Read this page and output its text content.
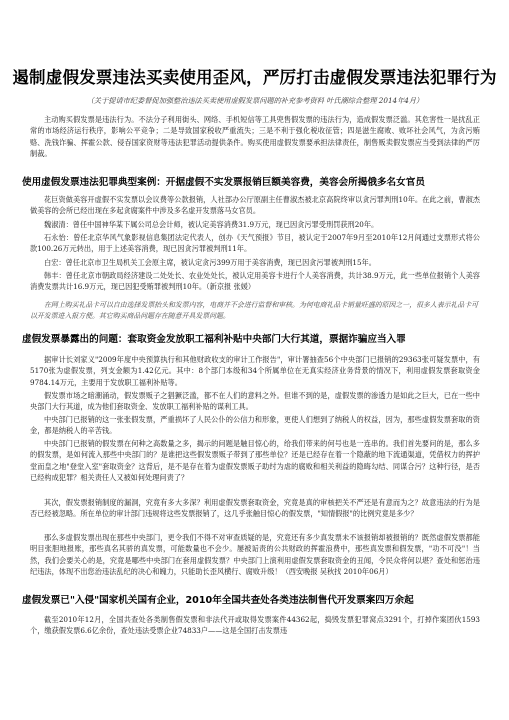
遏制虚假发票违法买卖使用歪风，严厉打击虚假发票违法犯罪行为
（关于提请市纪委督促加强整治违法买卖使用虚假发票问题的补充参考资料 叶氏潮综合整理 2014年4月）

主动购买假发票是违法行为。不法分子利用街头、网络、手机短信等工具兜售假发票的违法行为，造成假发票泛滥。其危害性一是扰乱正常的市场经济运行秩序，影响公平竞争；二是导致国家税收严重流失；三是不利于强化税收征管；四是滋生腐败、败坏社会风气，为贪污贿赂、洗钱诈骗、挥霍公款、侵吞国家资财等违法犯罪活动提供条件。购买使用虚假发票要承担法律责任，制售贩卖假发票应当受到法律的严厉制裁。

使用虚假发票违法犯罪典型案例：开据虚假不实发票报销巨额美容费，美容会所揭俄多名女官员

花巨资做美容开虚假不实发票以会议费等公款报销，人社部办公厅原副主任曹淑杰被北京高院终审以贪污罪判刑10年。在此之前，曹淑杰做美容的会所已经出现在多起贪腐案件中涉及多名虚开发票落马女官员。

魏淑清：曾任中国神华某下属公司总会计师，被认定美容消费31.9万元，现已因贪污罪受刑罚获刑20年。

石永怡：曾任北京华风气象影视信息集团法定代表人，创办《天气预报》节目，被认定于2007年9月至2010年12月间通过支票形式将公款100.26万元转出，用于上述美容消费，现已因贪污罪被判刑11年。

白宏：曾任北京市卫生局机关工会原主席，被认定贪污399万用于美容消费，现已因贪污罪被判刑15年。

韩丰：曾任北京市朝政局经济建设二处处长、农业处处长，被认定用美容卡进行个人美容消费，共计38.9万元，此一些单位报销个人美容消费发票共计16.9万元，现已因犯受贿罪被判刑10年。（新京报 张媛）

在网上购买礼品卡可以自由选择发票抬头和发票内容，电商并不会进行监督和审核。为何电商礼品卡销量旺盛的原因之一，很多人表示礼品卡可以开发票进入报方便。其它购买商品问题存在随意开具发票问题。

虚假发票暴露出的问题：套取资金发放职工福利补贴中央部门大行其道，票据诈骗应当入罪

据审计长刘家义"2009年度中央预算执行和其他财政收支的审计工作报告"，审计署抽查56个中央部门已报销的29363张可疑发票中，有5170张为虚假发票，列支金额为1.42亿元。其中：8个部门本级和34个所属单位在无真实经济业务背景的情况下，利用虚假发票套取资金9784.14万元，主要用于发放职工福利补贴等。

假发票市场之暗潮涌动，假发票贩子之猖獗泛滥，都不在人们的意料之外。但谁不到的是，虚假发票的渗透力是如此之巨大，已在一些中央部门大行其道，成为他们套取资金、发放职工福利补贴的谋利工具。

中央部门已报销的这一张张假发票，严重损坏了人民公仆的公信力和形象，更使人们想到了纳税人的权益，因为，那些虚假发票套取的资金，都是纳税人的辛苦钱。

中央部门已报销的假发票在何种之高数量之多，揭示的问题是触目惊心的，给我们带来的何号也是一连串的。我们首先要问的是，那么多的假发票，是如何流入那些中央部门的？是谁把这些假发票贩子带到了那些单位？还是已经存在着一个隐蔽的地下流通渠道，凭借权力的挥护堂而皇之地"登堂入室"套取资金？这背后，是不是存在着为虚假发票贩子助纣为虐的腐败和相关利益的隐晦勾结、同谋合污？这种行径，是否已经构成犯罪？相关责任人又被如何处理问责了？

其次，假发票报销制度的漏洞，究竟有多大多深？利用虚假发票套取资金，究竟是真的审核把关不严还是有意而为之？故意违法的行为是否已经被忽略。所在单位的审计部门违规将这些发票报销了，这几乎张触目惊心的假发票，"知情假报"的比例究竟是多少？

那么多虚假发票出现在那些中央部门，更令我们不得不对审查质疑的是，究竟还有多少真发票未不该报销却被报销的？既然虚假发票都能明目张胆地报账，那些真名其骄的真发票，可能数量也不会少。屡被诟责的公共财政的挥霍浪费中，那些真发票和假发票，"功不可没"！当然，我们会要关心的是，究竟是哪些中央部门在套用虚假发票？中央部门上演利用虚假发票套取资金的丑闻，令民众将何以堪？查处和惩治违纪违法，体现不出您治违法乱纪的决心和魄力，只能助长歪风横行、腐败升级！（西安晚报 吴秋找 2010年06月）

虚假发票已"入侵"国家机关国有企业，2010年全国共查处各类违法制售代开发票案四万余起

截至2010年12月，全国共查处各类制售假发票和非法代开或取得发票案件44362起，捣毁发票犯罪窝点3291个，打掉作案团伙1593个，缴获假发票6.6亿余份，查处违法受票企业74833户——这是全国打击发票违
